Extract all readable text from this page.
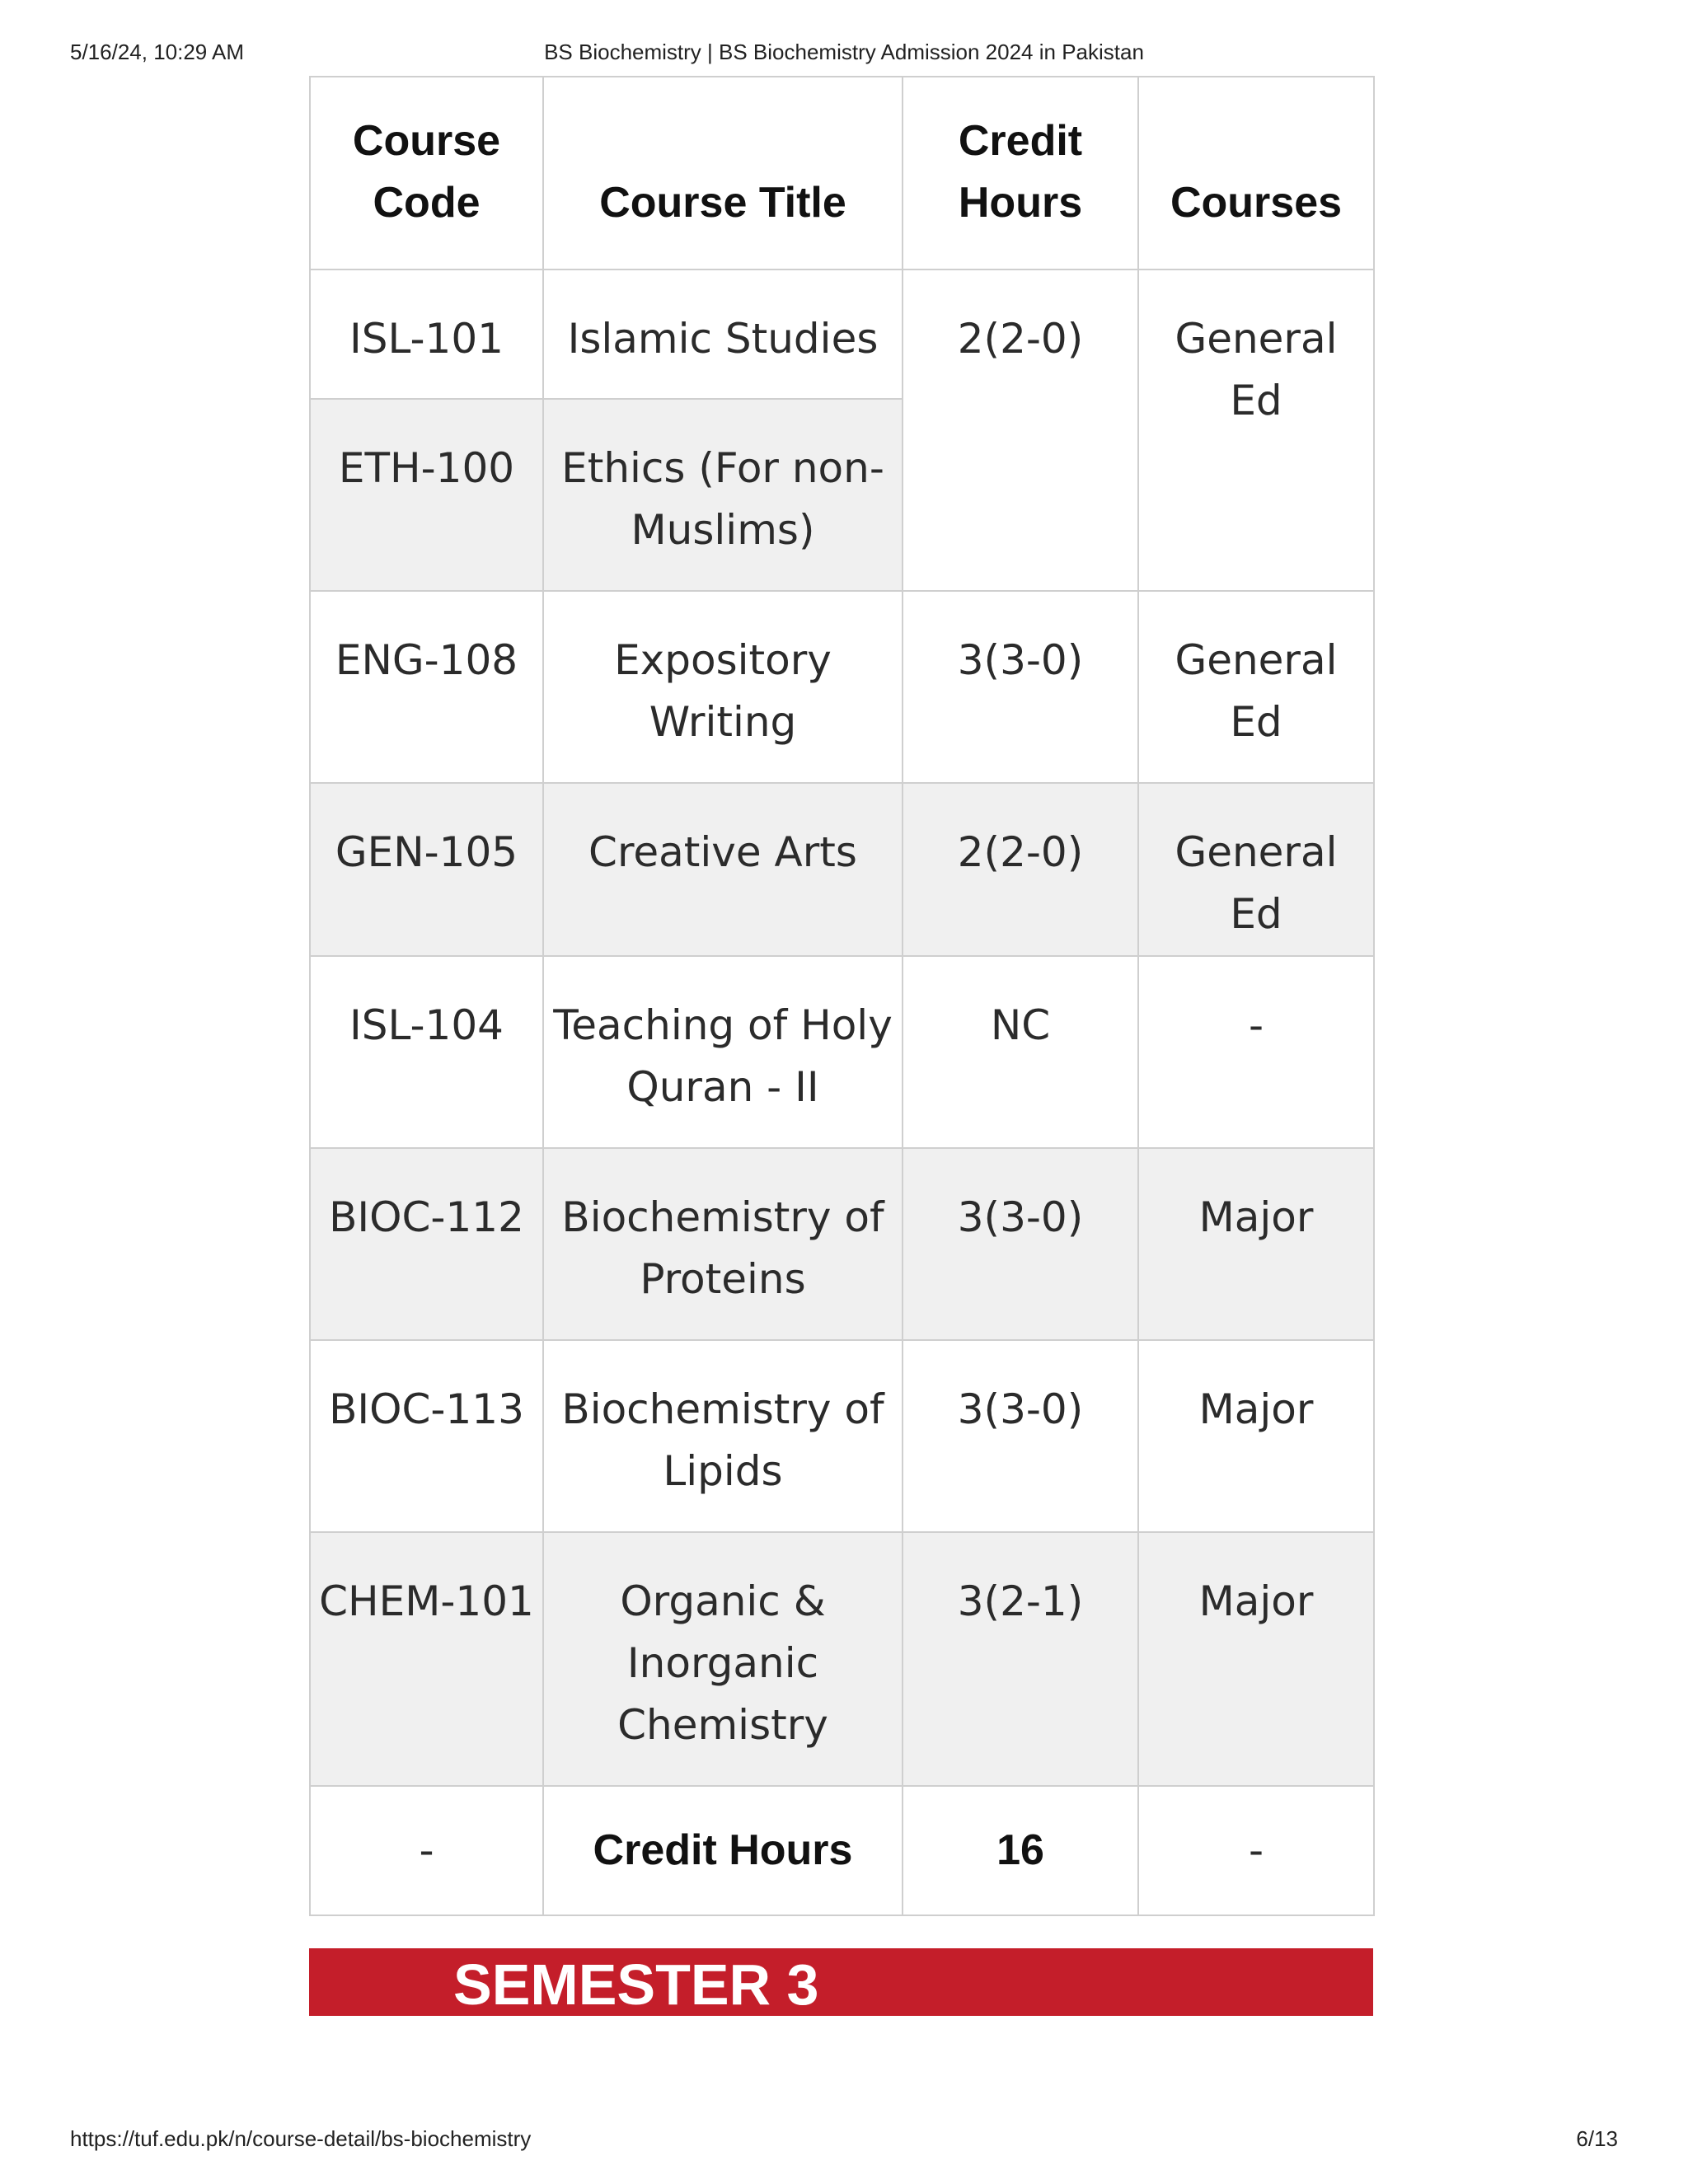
5/16/24, 10:29 AM	BS Biochemistry | BS Biochemistry Admission 2024 in Pakistan
Course Code	Course Title	Credit Hours	Courses
ISL-101	Islamic Studies	2(2-0)	General Ed
ETH-100	Ethics (For non-Muslims)		
ENG-108	Expository Writing	3(3-0)	General Ed
GEN-105	Creative Arts	2(2-0)	General Ed
ISL-104	Teaching of Holy Quran - II	NC	-
BIOC-112	Biochemistry of Proteins	3(3-0)	Major
BIOC-113	Biochemistry of Lipids	3(3-0)	Major
CHEM-101	Organic & Inorganic Chemistry	3(2-1)	Major
-	Credit Hours	16	-
SEMESTER 3
https://tuf.edu.pk/n/course-detail/bs-biochemistry	6/13
